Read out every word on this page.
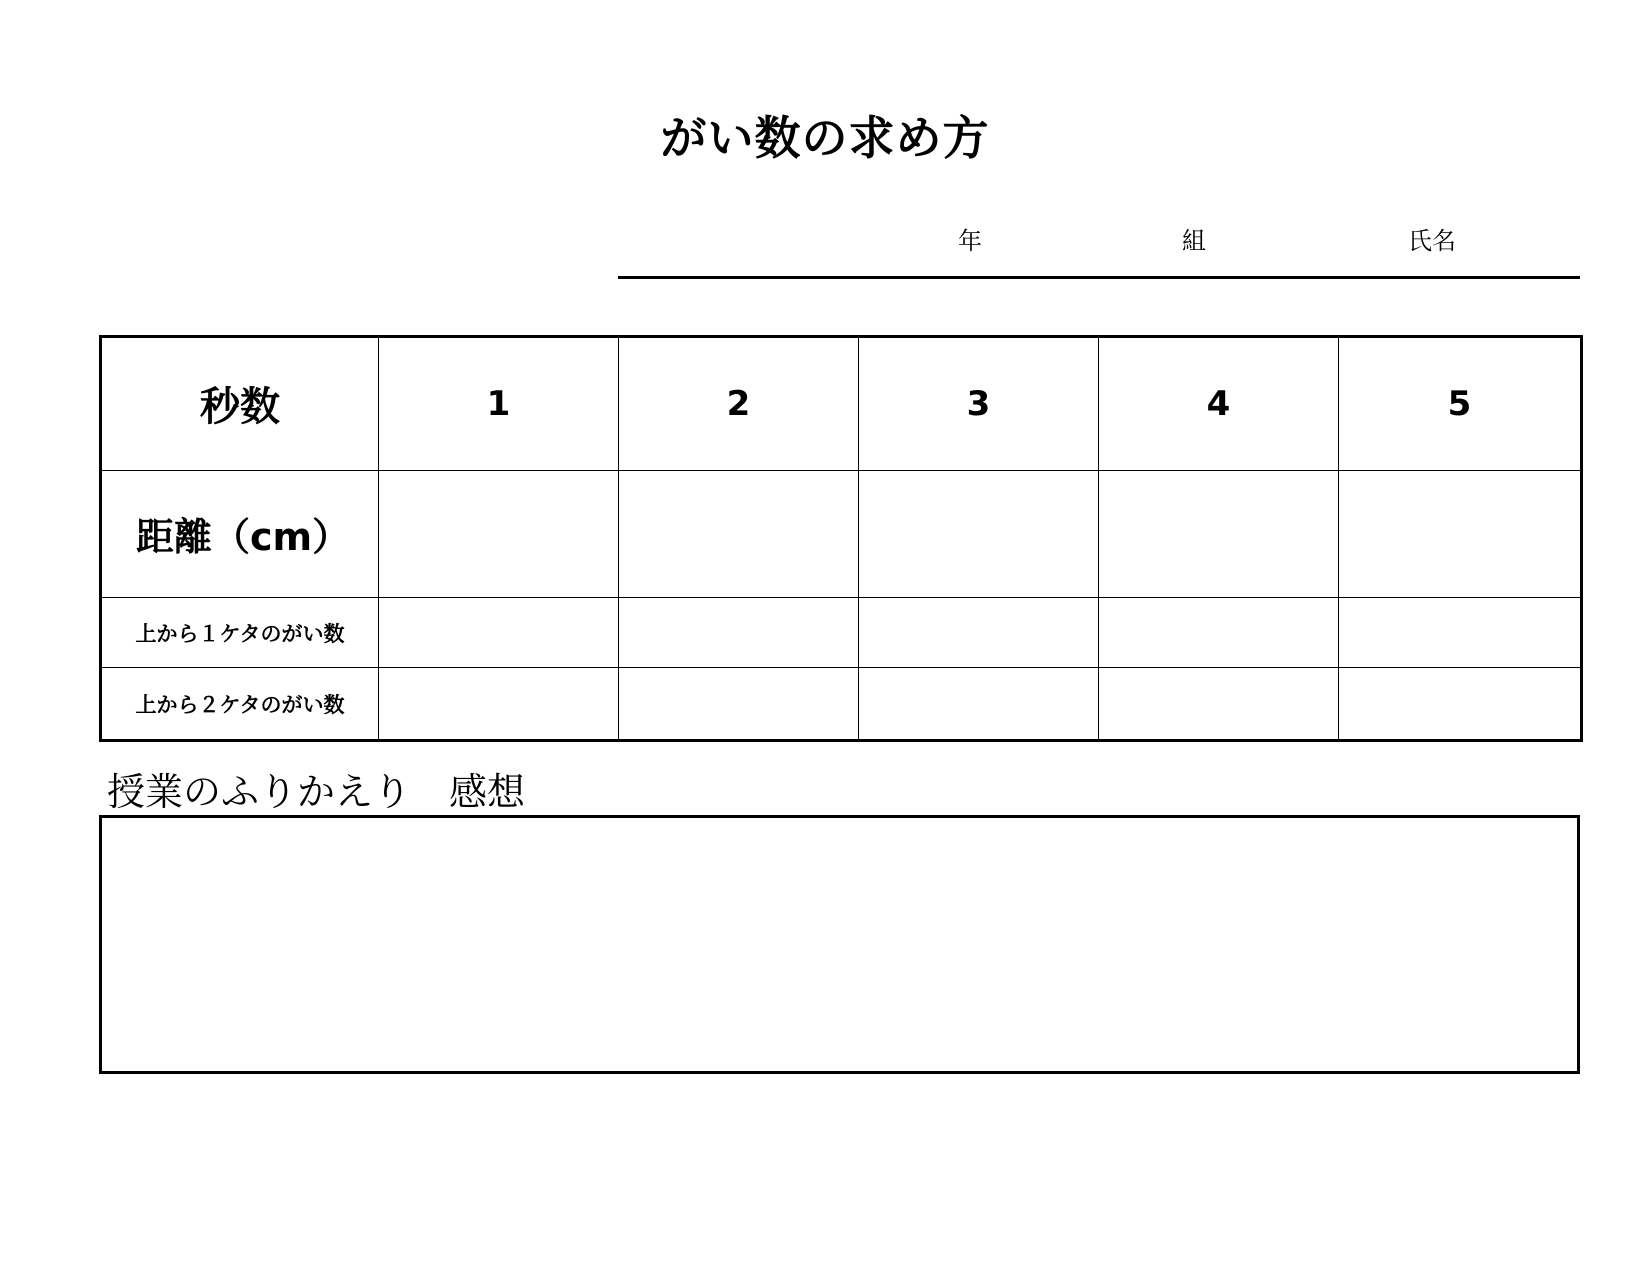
がい数の求め方
年	組	氏名
秒数	1	2	3	4	5
距離（cm）					
上から１ケタのがい数					
上から２ケタのがい数					
授業のふりかえり　感想
